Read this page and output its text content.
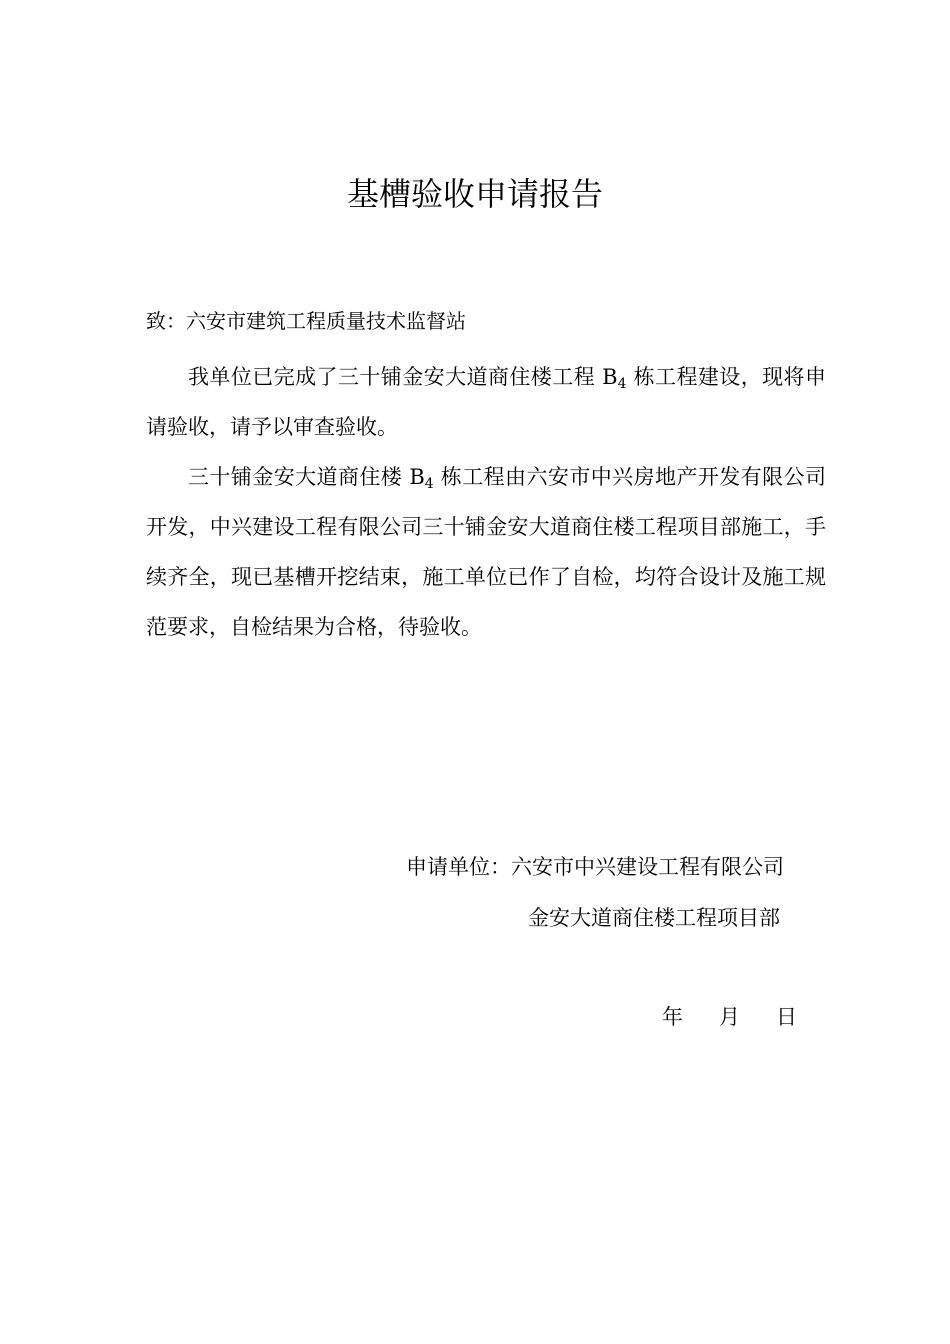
基槽验收申请报告
致：六安市建筑工程质量技术监督站

我单位已完成了三十铺金安大道商住楼工程 $B_4$ 栋工程建设，现将申请验收，请予以审查验收。

三十铺金安大道商住楼 $B_4$ 栋工程由六安市中兴房地产开发有限公司开发，中兴建设工程有限公司三十铺金安大道商住楼工程项目部施工，手续齐全，现已基槽开挖结束，施工单位已作了自检，均符合设计及施工规范要求，自检结果为合格，待验收。

申请单位：六安市中兴建设工程有限公司
金安大道商住楼工程项目部
年 月 日
